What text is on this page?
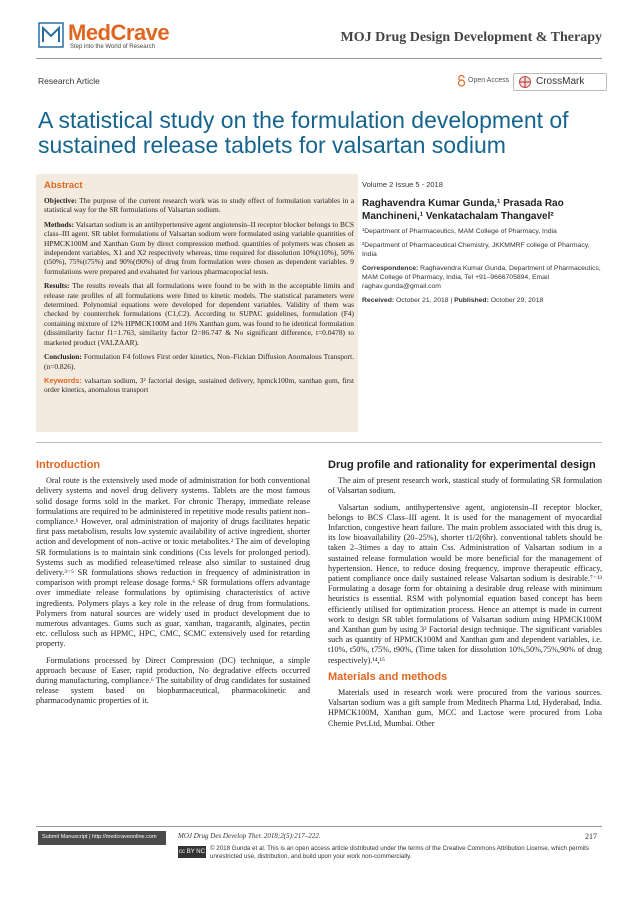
MedCrave
Step into the World of Research
MOJ Drug Design Development & Therapy
Research Article	Open Access	CrossMark
A statistical study on the formulation development of sustained release tablets for valsartan sodium
Abstract

Objective: The purpose of the current research work was to study effect of formulation variables in a statistical way for the SR formulations of Valsartan sodium.

Methods: Valsartan sodium is an antihypertensive agent angiotensin–II receptor blocker belongs to BCS class–III agent. SR tablet formulations of Valsartan sodium were formulated using variable quantities of HPMCK100M and Xanthan Gum by direct compression method. quantities of polymers was chosen as independent variables, X1 and X2 respectively whereas, time required for dissolution 10%(t10%), 50%(t50%), 75%(t75%) and 90%(t90%) of drug from formulation were chosen as dependent variables. 9 formulations were prepared and evaluated for various pharmacopocial tests.

Results: The results reveals that all formulations were found to be with in the acceptable limits and release rate profiles of all formulations were fitted to kinetic models. The statistical parameters were determined. Polynomial equations were developed for dependent variables. Validity of them was checked by counterchek formulations (C1,C2). According to SUPAC guidelines, formulation (F4) containing mixture of 12% HPMCK100M and 16% Xanthan gum, was found to be identical formulation (dissimilarity factor f1=1.763, similarity factor f2=86.747 & No significant difference, t=0.0478) to marketed product (VALZAAR).

Conclusion: Formulation F4 follows First order kinetics, Non–Fickian Diffusion Anomalous Transport. (n=0.826).

Keywords: valsartan sodium, 3² factorial design, sustained delivery, hpmck100m, xanthan gum, first order kinetics, anomalous transport

Volume 2 Issue 5 - 2018
Raghavendra Kumar Gunda,¹ Prasada Rao Manchineni,¹ Venkatachalam Thangavel²

¹Department of Pharmaceutics, MAM College of Pharmacy, India

²Department of Pharmaceutical Chemistry, JKKMMRF college of Pharmacy, India

Correspondence: Raghavendra Kumar Gunda, Department of Pharmaceutics, MAM College of Pharmacy, India, Tel +91–9666705894, Email raghav.gunda@gmail.com

Received: October 21, 2018 | Published: October 29, 2018

Introduction

Oral route is the extensively used mode of administration for both conventional delivery systems and novel drug delivery systems. Tablets are the most famous solid dosage forms sold in the market. For chronic Therapy, immediate release formulations are required to be administered in repetitive mode results patient non–compliance.¹ However, oral administration of majority of drugs facilitates hepatic first pass metabolism, results low systemic availability of active ingredient, shorter action and development of non–active or toxic metabolites.² The aim of developing SR formulations is to maintain sink conditions (Css levels for prolonged period). Systems such as modified release/timed release also similar to sustained drug delivery.³⁻⁵ SR formulations shows reduction in frequency of administration in comparison with prompt release dosage forms.⁶ SR formulations offers advantage over immediate release formulations by optimising characteristics of active ingredients. Polymers plays a key role in the release of drug from formulations. Polymers from natural sources are widely used in product development due to numerous advantages. Gums such as guar, xanthan, tragacanth, alginates, pectin etc. celluloss such as HPMC, HPC, CMC, SCMC extensively used for retarding property.

Formulations processed by Direct Compression (DC) technique, a simple approach because of Easer, rapid production, No degradative effects occurred during manufacturing, compliance.⁶ The suitability of drug candidates for sustained release system based on biopharmaceutical, pharmacokinetic and pharmacodynamic properties of it.

Drug profile and rationality for experimental design

The aim of present research work, stastical study of formulating SR formulation of Valsartan sodium.

Valsartan sodium, antihypertensive agent, angiotensin–II receptor blocker, belongs to BCS Class–III agent. It is used for the management of myocardial Infarction, congestive heart failure. The main problem associated with this drug is, its low bioavailability (20–25%), shorter t1/2(6hr). conventional tablets should be taken 2–3times a day to attain Css. Administration of Valsartan sodium in a sustained release formulation would be more beneficial for the management of hypertension. Hence, to reduce dosing frequency, improve therapeutic efficacy, patient compliance once daily sustained release Valsartan sodium is desirable.⁷⁻¹³ Formulating a dosage form for obtaining a desirable drug release with minimum heuristics is essential. RSM with polynomial equation based concept has been efficiently utilised for optimization process. Hence an attempt is made in current work to design SR tablet formulations of Valsartan sodium using HPMCK100M and Xanthan gum by using 3² Factorial design technique. The significant variables such as quantity of HPMCK100M and Xanthan gum and dependent variables, i.e. t10%, t50%, t75%, t90%, (Time taken for dissolution 10%,50%,75%,90% of drug respectively).¹⁴,¹⁵

Materials and methods

Materials used in research work were procured from the various sources. Valsartan sodium was a gift sample from Meditech Pharma Ltd, Hyderabad, India. HPMCK100M, Xanthan gum, MCC and Lactose were procured from Loba Chemie Pvt.Ltd, Mumbai. Other

Submit Manuscript | http://medcraveonline.com	MOJ Drug Des Develop Ther. 2018;2(5):217–222.	217
cc BY NC © 2018 Gunda et al. This is an open access article distributed under the terms of the Creative Commons Attribution License, which permits unrestricted use, distribution, and build upon your work non-commercially.
